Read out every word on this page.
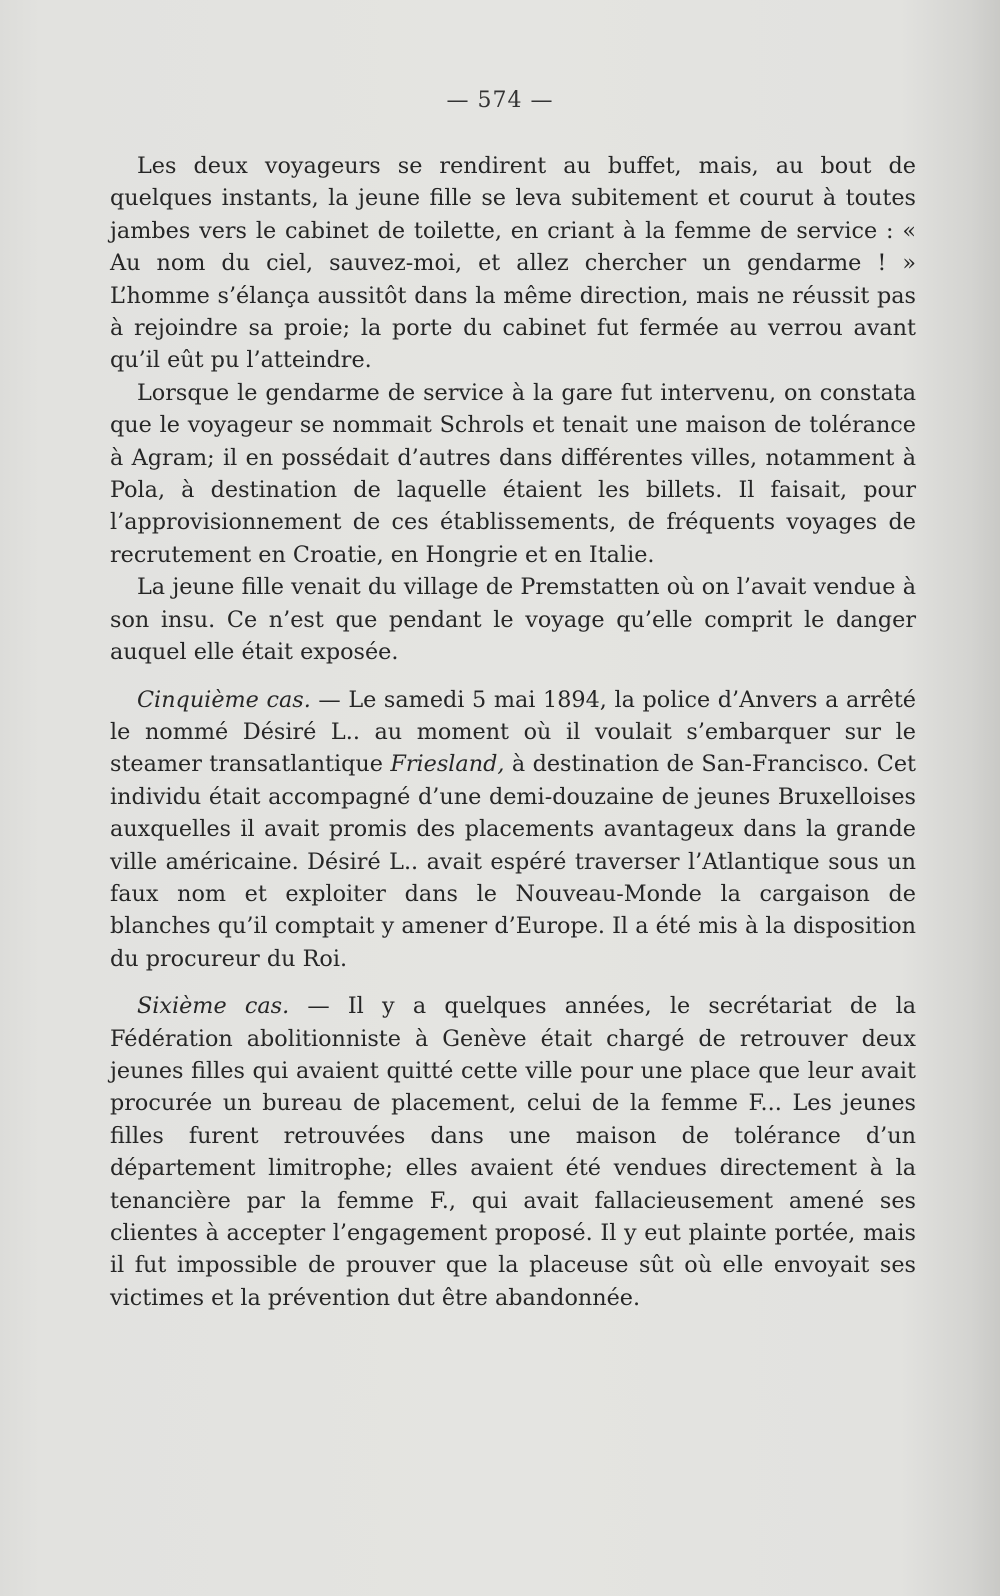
— 574 —

Les deux voyageurs se rendirent au buffet, mais, au bout de quelques instants, la jeune fille se leva subitement et courut à toutes jambes vers le cabinet de toilette, en criant à la femme de service : « Au nom du ciel, sauvez-moi, et allez chercher un gendarme ! » L’homme s’élança aussitôt dans la même direction, mais ne réussit pas à rejoindre sa proie; la porte du cabinet fut fermée au verrou avant qu’il eût pu l’atteindre.

Lorsque le gendarme de service à la gare fut intervenu, on constata que le voyageur se nommait Schrols et tenait une maison de tolérance à Agram; il en possédait d’autres dans différentes villes, notamment à Pola, à destination de laquelle étaient les billets. Il faisait, pour l’approvisionnement de ces établissements, de fréquents voyages de recrutement en Croatie, en Hongrie et en Italie.

La jeune fille venait du village de Premstatten où on l’avait vendue à son insu. Ce n’est que pendant le voyage qu’elle comprit le danger auquel elle était exposée.

Cinquième cas. — Le samedi 5 mai 1894, la police d’Anvers a arrêté le nommé Désiré L.. au moment où il voulait s’embarquer sur le steamer transatlantique Friesland, à destination de San-Francisco. Cet individu était accompagné d’une demi-douzaine de jeunes Bruxelloises auxquelles il avait promis des placements avantageux dans la grande ville américaine. Désiré L.. avait espéré traverser l’Atlantique sous un faux nom et exploiter dans le Nouveau-Monde la cargaison de blanches qu’il comptait y amener d’Europe. Il a été mis à la disposition du procureur du Roi.

Sixième cas. — Il y a quelques années, le secrétariat de la Fédération abolitionniste à Genève était chargé de retrouver deux jeunes filles qui avaient quitté cette ville pour une place que leur avait procurée un bureau de placement, celui de la femme F... Les jeunes filles furent retrouvées dans une maison de tolérance d’un département limitrophe; elles avaient été vendues directement à la tenancière par la femme F., qui avait fallacieusement amené ses clientes à accepter l’engagement proposé. Il y eut plainte portée, mais il fut impossible de prouver que la placeuse sût où elle envoyait ses victimes et la prévention dut être abandonnée.
